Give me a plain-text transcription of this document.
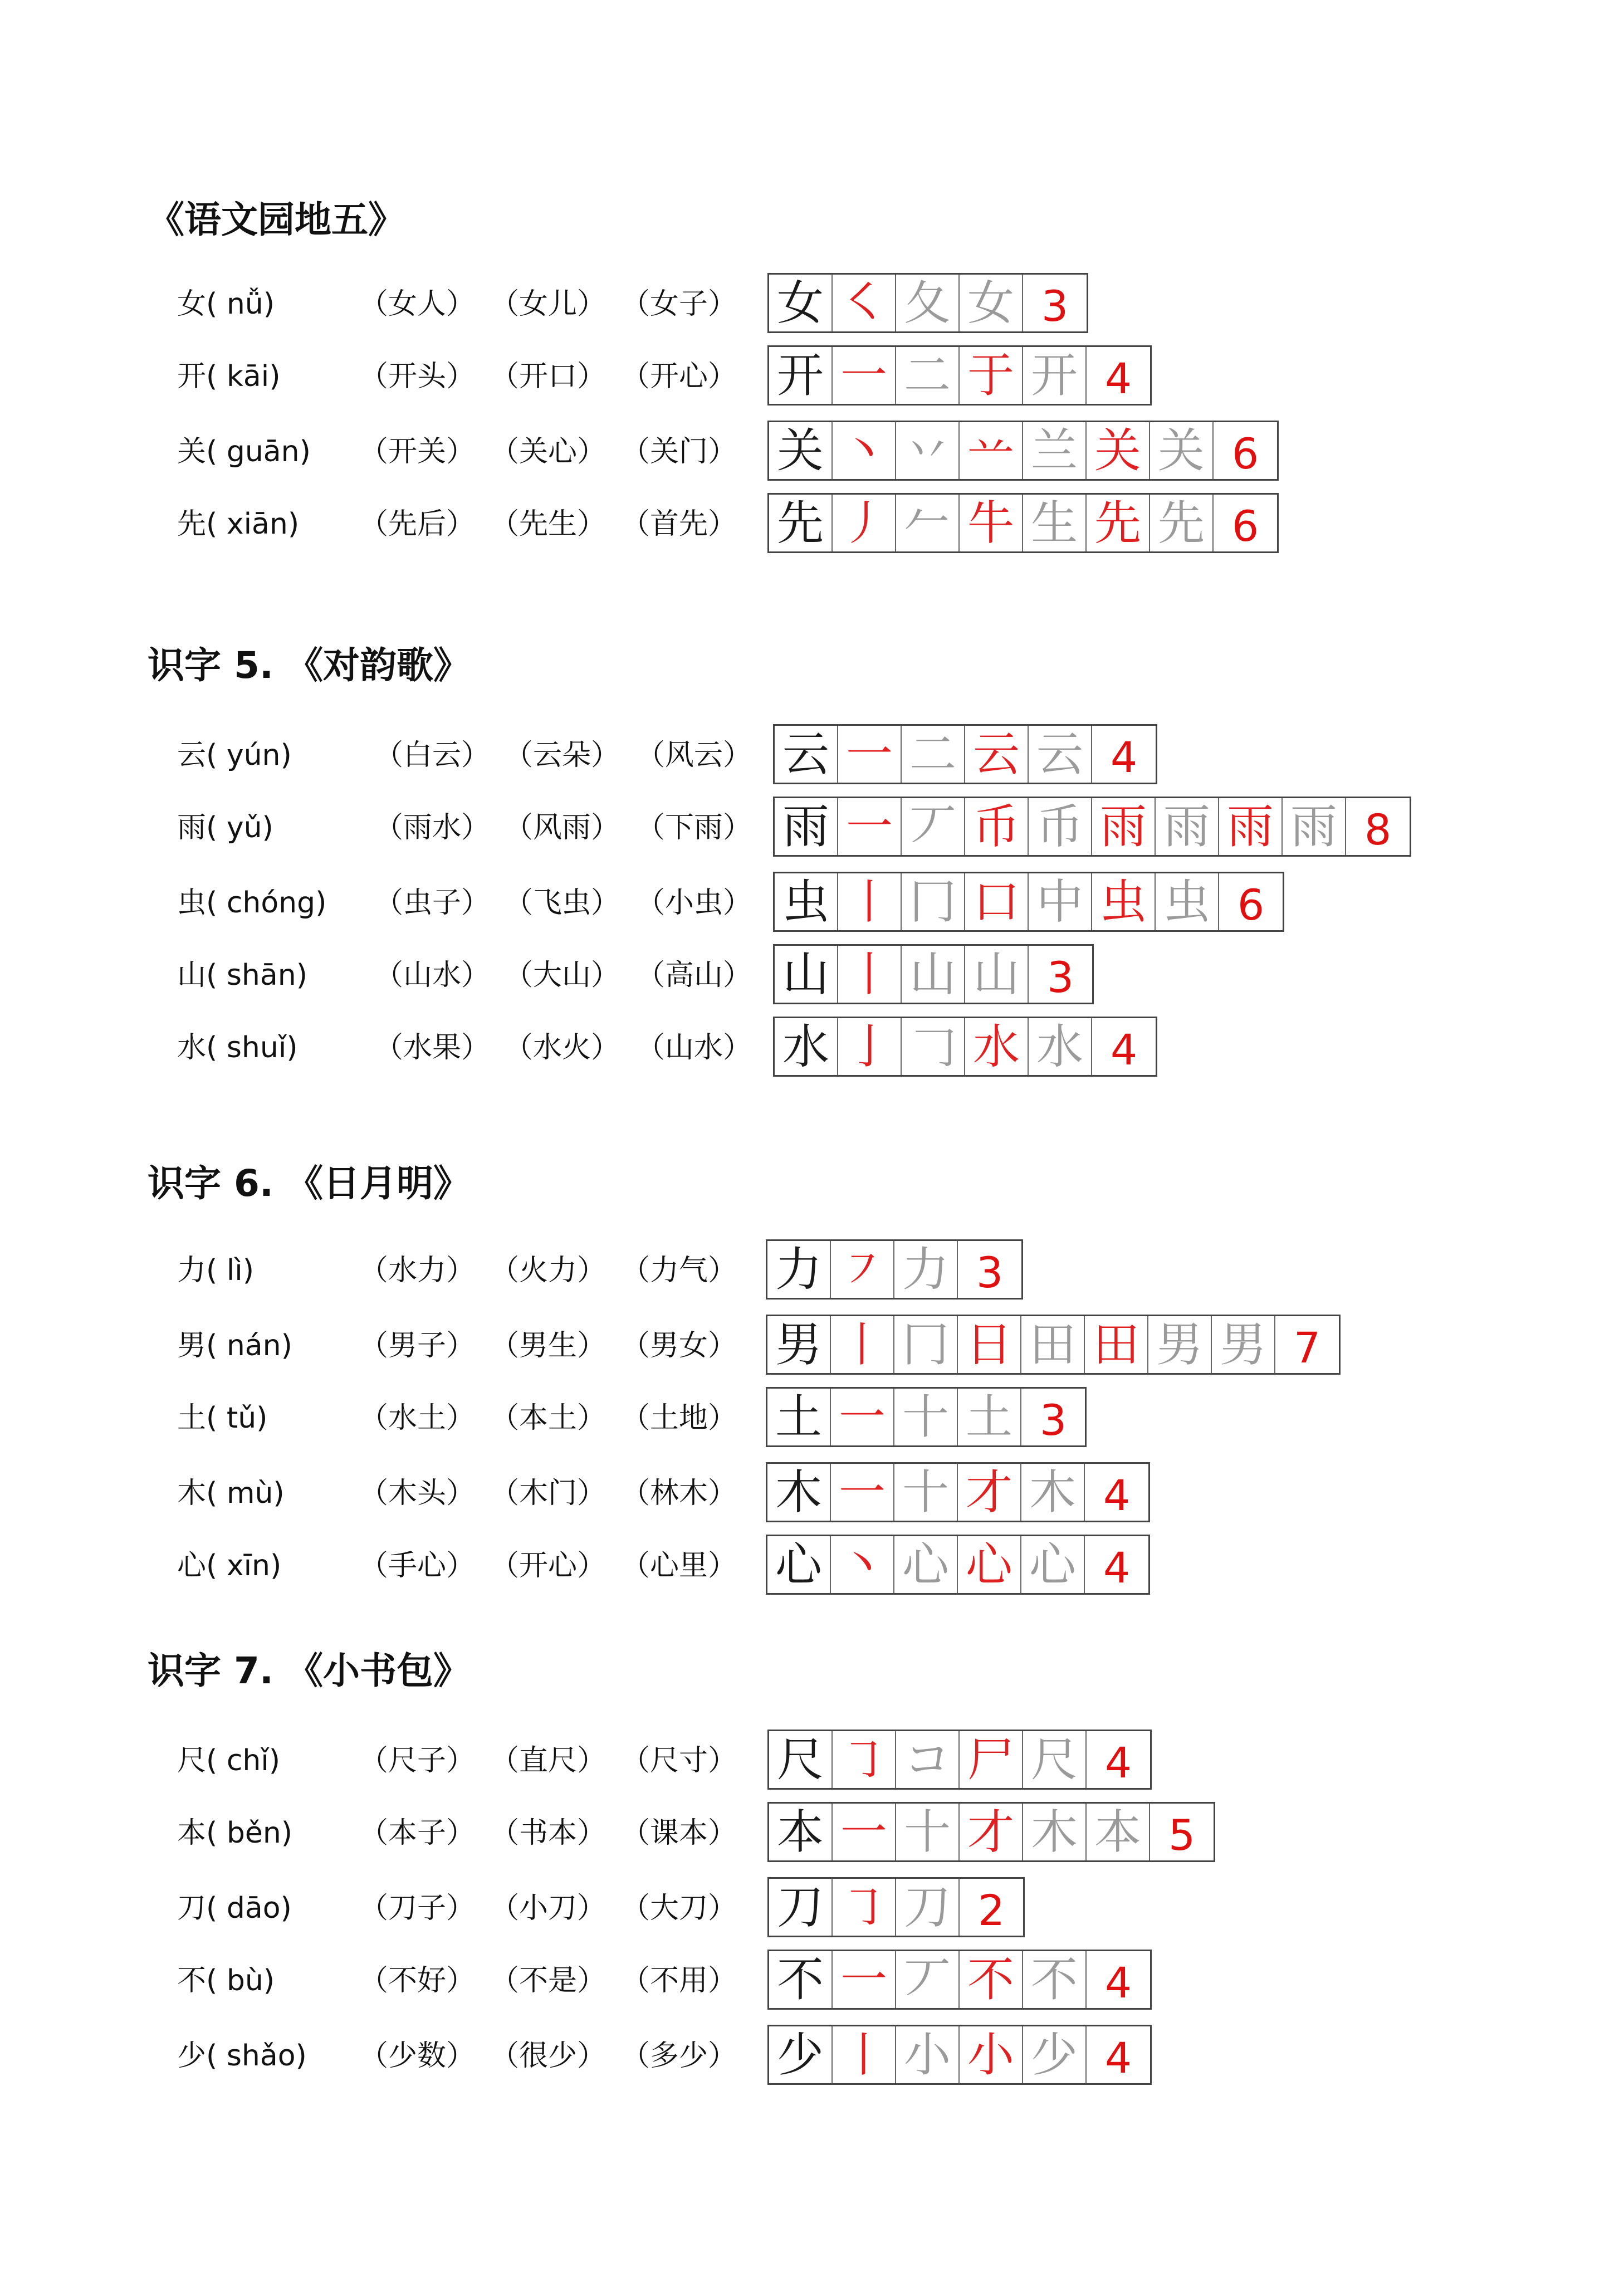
《语文园地五》
女( nǚ)	（女人） （女儿） （女子） 女 ㇛ 夂 女 3
开( kāi)	（开头） （开口） （开心） 开 一 二 于 开 4
关( guān) （开关） （关心） （关门） 关 丶 丷 䒑 兰 关 关 6
先( xiān) （先后） （先生） （首先） 先 丿 𠂉 牛 生 先 先 6
识字 5. 《对韵歌》
云( yún)	（白云） （云朵） （风云） 云 一 二 云 云 4
雨( yǔ)	（雨水） （风雨） （下雨） 雨 一 丆 币 币 雨 雨 雨 雨 8
虫( chóng) （虫子） （飞虫） （小虫） 虫 丨 冂 口 中 虫 虫 6
山( shān) （山水） （大山） （高山） 山 丨 山 山 3
水( shuǐ)	（水果） （水火） （山水） 水 亅 𠃌 水 水 4
识字 6. 《日月明》
力( lì)	（水力） （火力） （力气） 力 ㇇ 力 3
男( nán) （男子） （男生） （男女） 男 丨 冂 日 田 田 男 男 7
土( tǔ)	（水土） （本土） （土地） 土 一 十 土 3
木( mù)	（木头） （木门） （林木） 木 一 十 才 木 4
心( xīn)	（手心） （开心） （心里） 心 丶 心 心 心 4
识字 7. 《小书包》
尺( chǐ)	（尺子） （直尺） （尺寸） 尺 ㇆ コ 尸 尺 4
本( běn) （本子） （书本） （课本） 本 一 十 才 木 本 5
刀( dāo) （刀子） （小刀） （大刀） 刀 ㇆ 刀 2
不( bù)	（不好） （不是） （不用） 不 一 丆 不 不 4
少( shǎo) （少数） （很少） （多少） 少 丨 小 小 少 4
